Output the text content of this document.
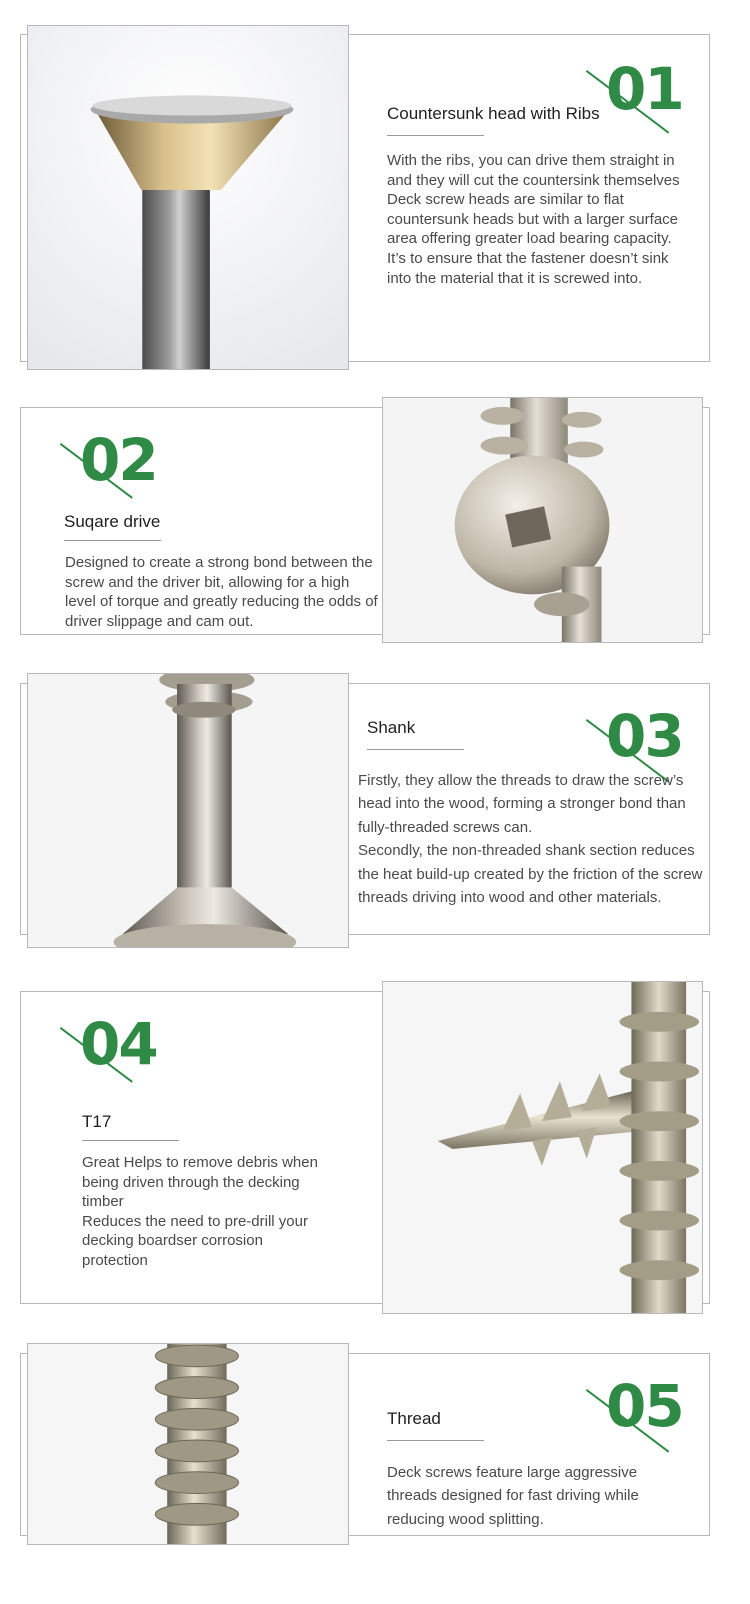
01
Countersunk head with Ribs

With the ribs, you can drive them straight in and they will cut the countersink themselves

Deck screw heads are similar to flat countersunk heads but with a larger surface area offering greater load bearing capacity. It’s to ensure that the fastener doesn’t sink into the material that it is screwed into.

02
Suqare drive

Designed to create a strong bond between the screw and the driver bit, allowing for a high level of torque and greatly reducing the odds of driver slippage and cam out.

03
Shank

Firstly, they allow the threads to draw the screw’s head into the wood, forming a stronger bond than fully-threaded screws can.

Secondly, the non-threaded shank section reduces the heat build-up created by the friction of the screw threads driving into wood and other materials.

04
T17

Great Helps to remove debris when being driven through the decking timber

Reduces the need to pre-drill your decking boardser corrosion protection

05
Thread

Deck screws feature large aggressive threads designed for fast driving while reducing wood splitting.
